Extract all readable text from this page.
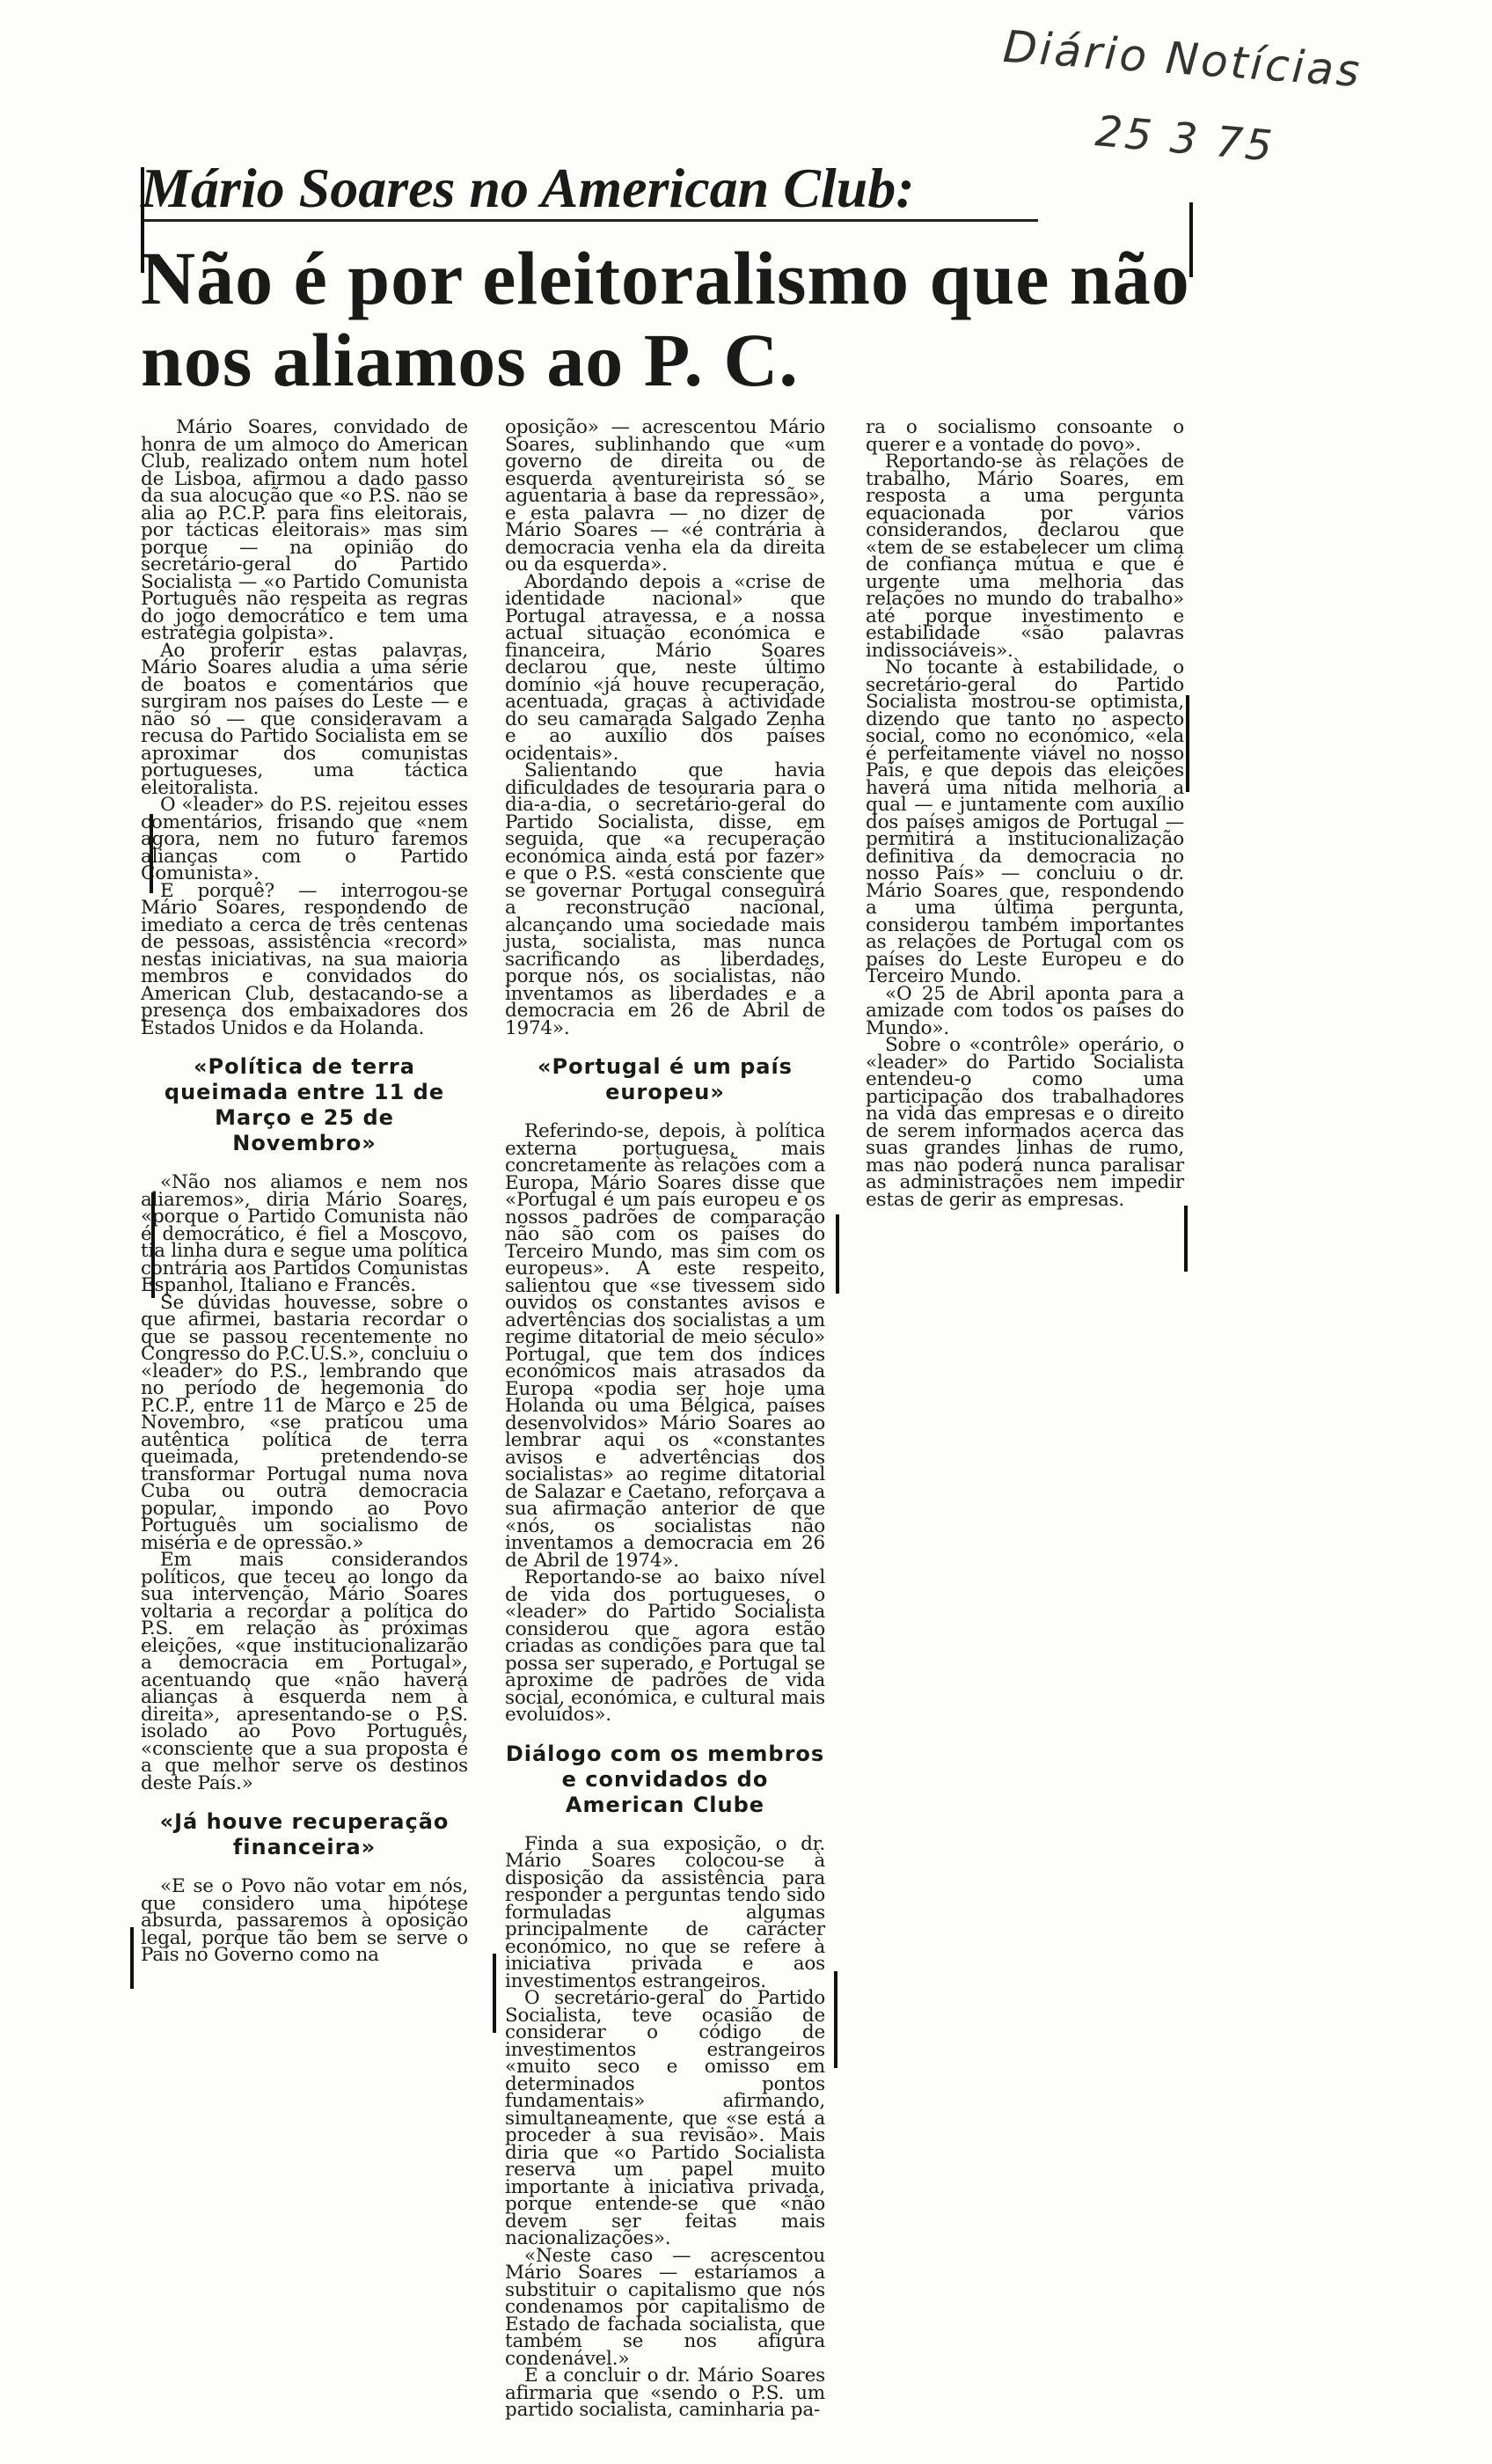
Diário Notícias
25 3 75
Mário Soares no American Club:
Não é por eleitoralismo que não nos aliamos ao P. C.

Mário Soares, convidado de honra de um almoço do American Club, realizado ontem num hotel de Lisboa, afirmou a dado passo da sua alocução que «o P.S. não se alia ao P.C.P. para fins eleitorais, por tácticas eleitorais» mas sim porque — na opinião do secretário-geral do Partido Socialista — «o Partido Comunista Português não respeita as regras do jogo democrático e tem uma estratégia golpista».

Ao proferir estas palavras, Mário Soares aludia a uma série de boatos e comentários que surgiram nos países do Leste — e não só — que consideravam a recusa do Partido Socialista em se aproximar dos comunistas portugueses, uma táctica eleitoralista.

O «leader» do P.S. rejeitou esses comentários, frisando que «nem agora, nem no futuro faremos alianças com o Partido Comunista».

E porquê? — interrogou-se Mário Soares, respondendo de imediato a cerca de três centenas de pessoas, assistência «record» nestas iniciativas, na sua maioria membros e convidados do American Club, destacando-se a presença dos embaixadores dos Estados Unidos e da Holanda.

«Política de terra queimada entre 11 de Março e 25 de Novembro»

«Não nos aliamos e nem nos aliaremos», diria Mário Soares, «porque o Partido Comunista não é democrático, é fiel a Moscovo, tia linha dura e segue uma política contrária aos Partidos Comunistas Espanhol, Italiano e Francês.

Se dúvidas houvesse, sobre o que afirmei, bastaria recordar o que se passou recentemente no Congresso do P.C.U.S.», concluiu o «leader» do P.S., lembrando que no período de hegemonia do P.C.P., entre 11 de Março e 25 de Novembro, «se praticou uma autêntica política de terra queimada, pretendendo-se transformar Portugal numa nova Cuba ou outra democracia popular, impondo ao Povo Português um socialismo de miséria e de opressão.»

Em mais considerandos políticos, que teceu ao longo da sua intervenção, Mário Soares voltaria a recordar a política do P.S. em relação às próximas eleições, «que institucionalizarão a democracia em Portugal», acentuando que «não haverá alianças à esquerda nem à direita», apresentando-se o P.S. isolado ao Povo Português, «consciente que a sua proposta é a que melhor serve os destinos deste País.»

«Já houve recuperação financeira»

«E se o Povo não votar em nós, que considero uma hipótese absurda, passaremos à oposição legal, porque tão bem se serve o País no Governo como na

oposição» — acrescentou Mário Soares, sublinhando que «um governo de direita ou de esquerda aventureirista só se aguentaria à base da repressão», e esta palavra — no dizer de Mário Soares — «é contrária à democracia venha ela da direita ou da esquerda».

Abordando depois a «crise de identidade nacional» que Portugal atravessa, e a nossa actual situação económica e financeira, Mário Soares declarou que, neste último domínio «já houve recuperação, acentuada, graças à actividade do seu camarada Salgado Zenha e ao auxílio dos países ocidentais».

Salientando que havia dificuldades de tesouraria para o dia-a-dia, o secretário-geral do Partido Socialista, disse, em seguida, que «a recuperação económica ainda está por fazer» e que o P.S. «está consciente que se governar Portugal conseguirá a reconstrução nacional, alcançando uma sociedade mais justa, socialista, mas nunca sacrificando as liberdades, porque nós, os socialistas, não inventamos as liberdades e a democracia em 26 de Abril de 1974».

«Portugal é um país europeu»

Referindo-se, depois, à política externa portuguesa, mais concretamente às relações com a Europa, Mário Soares disse que «Portugal é um país europeu e os nossos padrões de comparação não são com os países do Terceiro Mundo, mas sim com os europeus». A este respeito, salientou que «se tivessem sido ouvidos os constantes avisos e advertências dos socialistas a um regime ditatorial de meio século» Portugal, que tem dos índices económicos mais atrasados da Europa «podia ser hoje uma Holanda ou uma Bélgica, países desenvolvidos» Mário Soares ao lembrar aqui os «constantes avisos e advertências dos socialistas» ao regime ditatorial de Salazar e Caetano, reforçava a sua afirmação anterior de que «nós, os socialistas não inventamos a democracia em 26 de Abril de 1974».

Reportando-se ao baixo nível de vida dos portugueses, o «leader» do Partido Socialista considerou que agora estão criadas as condições para que tal possa ser superado, e Portugal se aproxime de padrões de vida social, económica, e cultural mais evoluídos».

Diálogo com os membros e convidados do American Clube

Finda a sua exposição, o dr. Mário Soares colocou-se à disposição da assistência para responder a perguntas tendo sido formuladas algumas principalmente de carácter económico, no que se refere à iniciativa privada e aos investimentos estrangeiros.

O secretário-geral do Partido Socialista, teve ocasião de considerar o código de investimentos estrangeiros «muito seco e omisso em determinados pontos fundamentais» afirmando, simultaneamente, que «se está a proceder à sua revisão». Mais diria que «o Partido Socialista reserva um papel muito importante à iniciativa privada, porque entende-se que «não devem ser feitas mais nacionalizações».

«Neste caso — acrescentou Mário Soares — estaríamos a substituir o capitalismo que nós condenamos por capitalismo de Estado de fachada socialista, que também se nos afigura condenável.»

E a concluir o dr. Mário Soares afirmaria que «sendo o P.S. um partido socialista, caminharia pa-

ra o socialismo consoante o querer e a vontade do povo».

Reportando-se às relações de trabalho, Mário Soares, em resposta a uma pergunta equacionada por vários considerandos, declarou que «tem de se estabelecer um clima de confiança mútua e que é urgente uma melhoria das relações no mundo do trabalho» até porque investimento e estabilidade «são palavras indissociáveis».

No tocante à estabilidade, o secretário-geral do Partido Socialista mostrou-se optimista, dizendo que tanto no aspecto social, como no económico, «ela é perfeitamente viável no nosso País, e que depois das eleições haverá uma nítida melhoria a qual — e juntamente com auxílio dos países amigos de Portugal — permitirá a institucionalização definitiva da democracia no nosso País» — concluiu o dr. Mário Soares que, respondendo a uma última pergunta, considerou também importantes as relações de Portugal com os países do Leste Europeu e do Terceiro Mundo.

«O 25 de Abril aponta para a amizade com todos os países do Mundo».

Sobre o «contrôle» operário, o «leader» do Partido Socialista entendeu-o como uma participação dos trabalhadores na vida das empresas e o direito de serem informados acerca das suas grandes linhas de rumo, mas não poderá nunca paralisar as administrações nem impedir estas de gerir as empresas.
